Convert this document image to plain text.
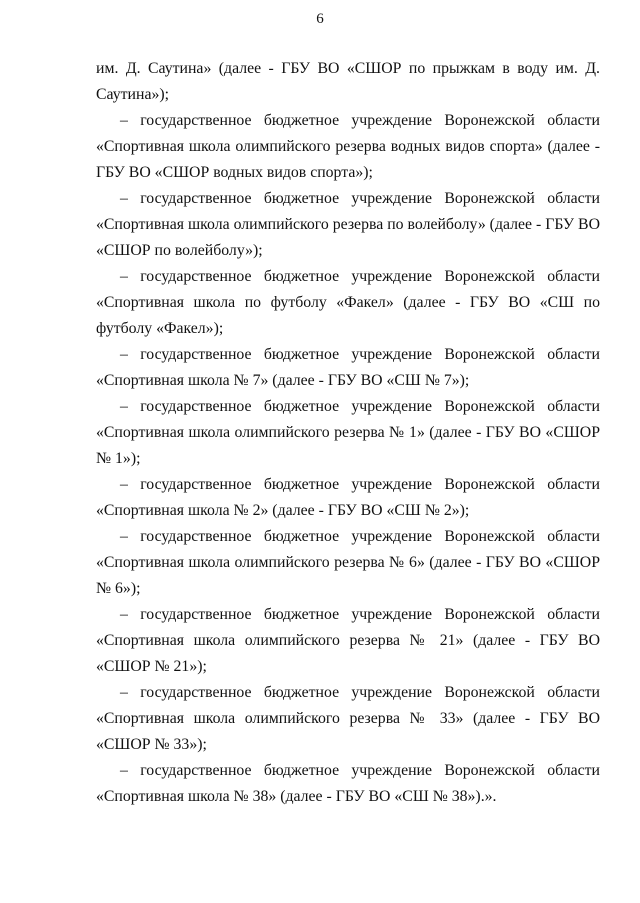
6

им. Д. Саутина» (далее - ГБУ ВО «СШОР по прыжкам в воду им. Д. Саутина»);

– государственное бюджетное учреждение Воронежской области «Спортивная школа олимпийского резерва водных видов спорта» (далее - ГБУ ВО «СШОР водных видов спорта»);

– государственное бюджетное учреждение Воронежской области «Спортивная школа олимпийского резерва по волейболу» (далее - ГБУ ВО «СШОР по волейболу»);

– государственное бюджетное учреждение Воронежской области «Спортивная школа по футболу «Факел» (далее - ГБУ ВО «СШ по футболу «Факел»);

– государственное бюджетное учреждение Воронежской области «Спортивная школа № 7» (далее - ГБУ ВО «СШ № 7»);

– государственное бюджетное учреждение Воронежской области «Спортивная школа олимпийского резерва № 1» (далее - ГБУ ВО «СШОР № 1»);

– государственное бюджетное учреждение Воронежской области «Спортивная школа № 2» (далее - ГБУ ВО «СШ № 2»);

– государственное бюджетное учреждение Воронежской области «Спортивная школа олимпийского резерва № 6» (далее - ГБУ ВО «СШОР № 6»);

– государственное бюджетное учреждение Воронежской области «Спортивная школа олимпийского резерва № 21» (далее - ГБУ ВО «СШОР № 21»);

– государственное бюджетное учреждение Воронежской области «Спортивная школа олимпийского резерва № 33» (далее - ГБУ ВО «СШОР № 33»);

– государственное бюджетное учреждение Воронежской области «Спортивная школа № 38» (далее - ГБУ ВО «СШ № 38»).».
